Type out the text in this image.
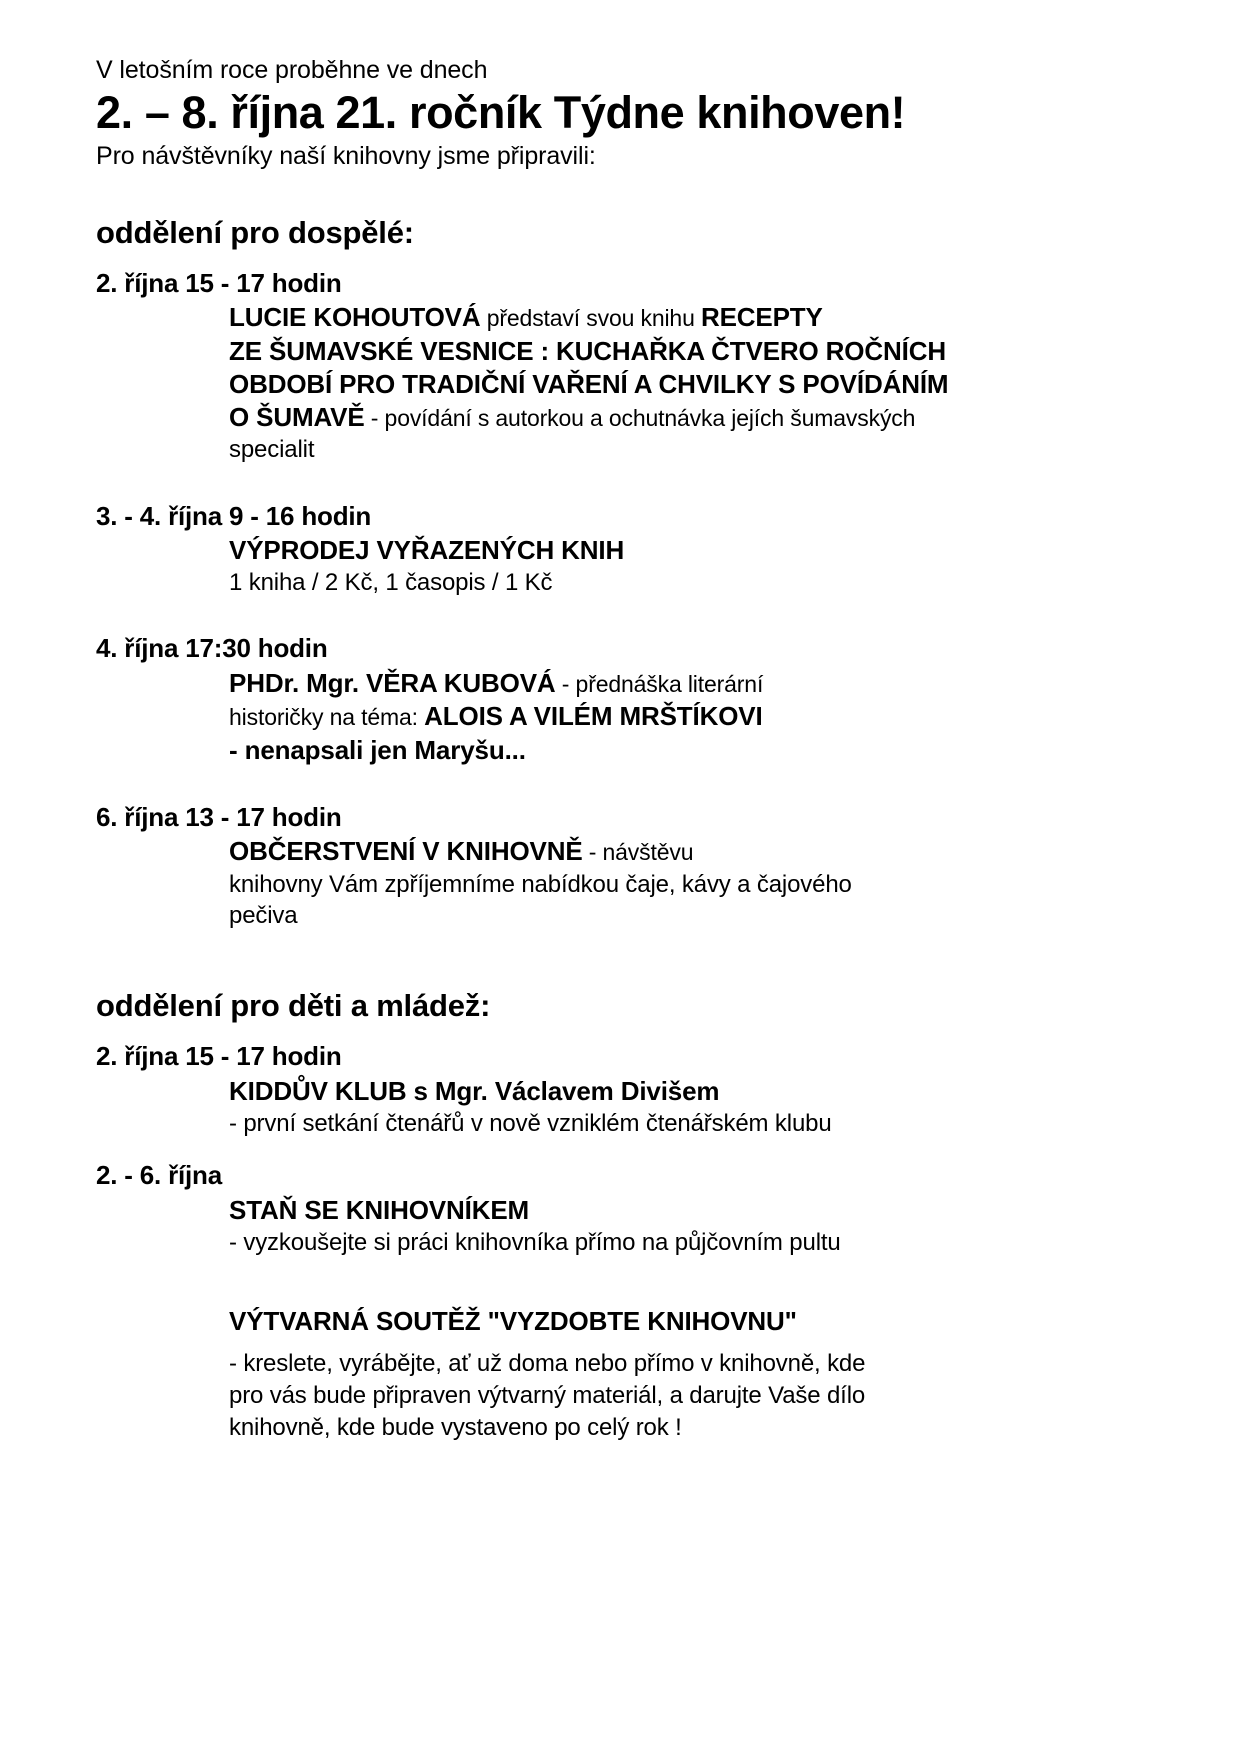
V letošním roce proběhne ve dnech

2. – 8. října 21. ročník Týdne knihoven!

Pro návštěvníky naší knihovny jsme připravili:

oddělení pro dospělé:

2. října 15 - 17 hodin

LUCIE KOHOUTOVÁ představí svou knihu RECEPTY

ZE ŠUMAVSKÉ VESNICE : KUCHAŘKA ČTVERO ROČNÍCH

OBDOBÍ PRO TRADIČNÍ VAŘENÍ A CHVILKY S POVÍDÁNÍM

O ŠUMAVĚ - povídání s autorkou a ochutnávka jejích šumavských

specialit

3. - 4. října 9 - 16 hodin

VÝPRODEJ VYŘAZENÝCH KNIH

1 kniha / 2 Kč, 1 časopis / 1 Kč

4. října 17:30 hodin

PHDr. Mgr. VĚRA KUBOVÁ - přednáška literární

historičky na téma: ALOIS A VILÉM MRŠTÍKOVI

- nenapsali jen Maryšu...

6. října 13 - 17 hodin

OBČERSTVENÍ V KNIHOVNĚ - návštěvu

knihovny Vám zpříjemníme nabídkou čaje, kávy a čajového

pečiva

oddělení pro děti a mládež:

2. října 15 - 17 hodin

KIDDŮV KLUB s Mgr. Václavem Divišem

- první setkání čtenářů v nově vzniklém čtenářském klubu

2. - 6. října

STAŇ SE KNIHOVNÍKEM

- vyzkoušejte si práci knihovníka přímo na půjčovním pultu

VÝTVARNÁ SOUTĚŽ "VYZDOBTE KNIHOVNU"

- kreslete, vyrábějte, ať už doma nebo přímo v knihovně, kde

pro vás bude připraven výtvarný materiál, a darujte Vaše dílo

knihovně, kde bude vystaveno po celý rok !
